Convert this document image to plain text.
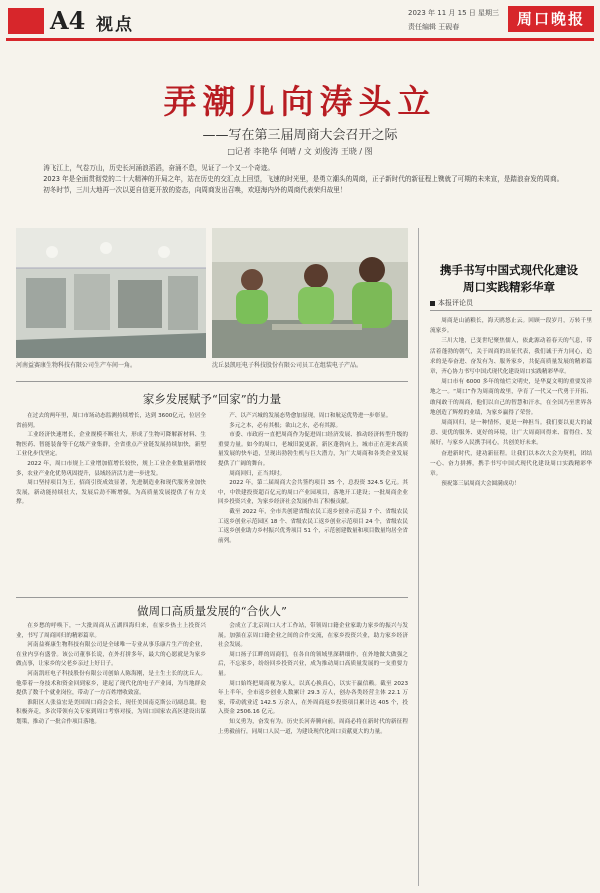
A4 视点
2023 年 11 月 15 日 星期三
责任编辑 王砚春	周口晚报
弄潮儿向涛头立
——写在第三届周商大会召开之际
□记者 李艳华 何晴 / 文 刘俊涛 王晓 / 图

涛飞江上，气卷万山，历史长河涌浪滔滔，奋涌不息，见证了一个又一个奇迹。

2023 年是全面贯彻党的二十大精神的开局之年，站在历史的交汇点上回望，飞速的时光里，是勇立潮头的周商，正子新时代的新征程上镌就了可期的未来宣，是踏浪奋发的周商。

初冬时节，三川大地再一次以更自信更开放的姿态，向周商发出召唤，欢迎海内外的周商代表荣归故里！

河南益赛康生物科技有限公司生产车间一角。	沈丘县凯旺电子科技股份有限公司员工在组装电子产品。
家乡发展赋予“回家”的力量

在过去的两年里，周口市场动态监测持续增长，达到 3600亿元，位居全省前列。

工业经济快速增长，企业规模不断壮大，形成了生物可降解新材料、生物医药、智能装备等千亿级产业集群，全省重点产业链发展持续加快，新型工业化步伐坚定。

2022 年，周口市规上工业增加值增长较快，规上工业企业数量新增较多，农业产业化优势巩固提升，县域经济活力进一步迸发。

周口坚持项目为王，招商引资成效显著，先进制造业和现代服务业加快发展，新动能持续壮大，发展后劲不断增强，为高质量发展提供了有力支撑。

产、以产兴城的发展态势愈加显现，周口和航运优势进一步彰显。

多元之本，必有其根；欲山之水，必有其源。

市委、市政府一直把周商作为促进周口经济发展、推动经济转型升级的重要力量。如今的周口，老城旧貌更新，新区蓬勃向上，城市正在迎来高质量发展的快车道，呈现出勃勃生机与巨大潜力，为广大周商和各类企业发展提供了广阔的舞台。

周商回归，正当其时。

2022 年，第二届周商大会共签约项目 35 个，总投资 324.5 亿元。其中，中铁建投资超百亿元的周口产业园项目，落地开工建设；一批周商企业回乡投资兴业，为家乡经济社会发展作出了积极贡献。

截至 2022 年，全市共创建省级农民工返乡创业示范县 7 个、省级农民工返乡创业示范园区 18 个、省级农民工返乡创业示范项目 24 个，省级农民工返乡创业助力乡村振兴优秀项目 51 个，示范创建数量和项目数量均居全省前列。

做周口高质量发展的“合伙人”

在乡愁的呼唤下，一大批周商从五湖四海归来，在家乡热土上投资兴业，书写了周商回归的精彩篇章。

河南益赛康生物科技有限公司是全球唯一专业从事乐康片生产的企业，在业内享有盛誉。该公司董事长说，在外打拼多年，最大的心愿就是为家乡做点事，让家乡的父老乡亲过上好日子。

河南凯旺电子科技股份有限公司创始人陈海刚，是土生土长的沈丘人。他带着一身技术和资金回到家乡，建起了现代化的电子产业园，为当地群众提供了数千个就业岗位，带动了一方百姓增收致富。

淮阳区人张益宏是美国周口商会会长，现任美国南克斯公司副总裁。他积极奔走，多次带领有关专家到周口考察对接，为周口国家农高区建设出谋划策，推动了一批合作项目落地。

会成立了北京周口人才工作站，带领周口籍企业家助力家乡的振兴与发展。加强在京周口籍企业之间的合作交流，在家乡投资兴业，助力家乡经济社会发展。

周口扬子江畔的周商们，在各自的领域里深耕细作，在外地做大做强之后，不忘家乡，纷纷回乡投资兴业，成为推动周口高质量发展的一支重要力量。

周口始终把周商视为家人，以真心换真心，以实干赢信赖。截至 2023 年上半年，全市返乡创业人数累计 29.3 万人，创办各类经营主体 22.1 万家，带动就业近 142.5 万余人，在外周商返乡投资项目累计达 405 个，投入资金 2506.16 亿元。

知义勇为，奋发有为。历史长河奔腾向前，周商必将在新时代的新征程上勇毅前行，同周口人民一道，为建设现代化周口贡献更大的力量。

携手书写中国式现代化建设
周口实践精彩华章
本报评论员

周商是山涌粮长，海天鸥悠止云。回顾一段岁月，万转千里流家乡。

三川大地，已变世纪聚焦儒人，依此源动着春天的气息，带活着蓬勃的朝气，关于周商的出征代表，我们诚于齐力同心，追求的是奉奋进、奋发有为、服务家乡，共促高质量发展的精彩篇章，齐心协力书写中国式现代化建设周口实践精彩华章。

周口市有 6000 多年的灿烂文明史，是华夏文明的重要发祥地之一。“周口”作为周商的故里，孕育了一代又一代勇于开拓、敢闯敢干的周商，他们以自己的智慧和汗水，在全国乃至世界各地创造了辉煌的业绩，为家乡赢得了荣誉。

周商回归，是一种情怀，更是一种担当。我们要以更大的诚意、更优的服务、更好的环境，让广大周商回得来、留得住、发展好，与家乡人民携手同心，共创美好未来。

奋进新时代，建功新征程。让我们以本次大会为契机，团结一心、奋力拼搏，携手书写中国式现代化建设周口实践精彩华章。

预祝第三届周商大会圆满成功！
